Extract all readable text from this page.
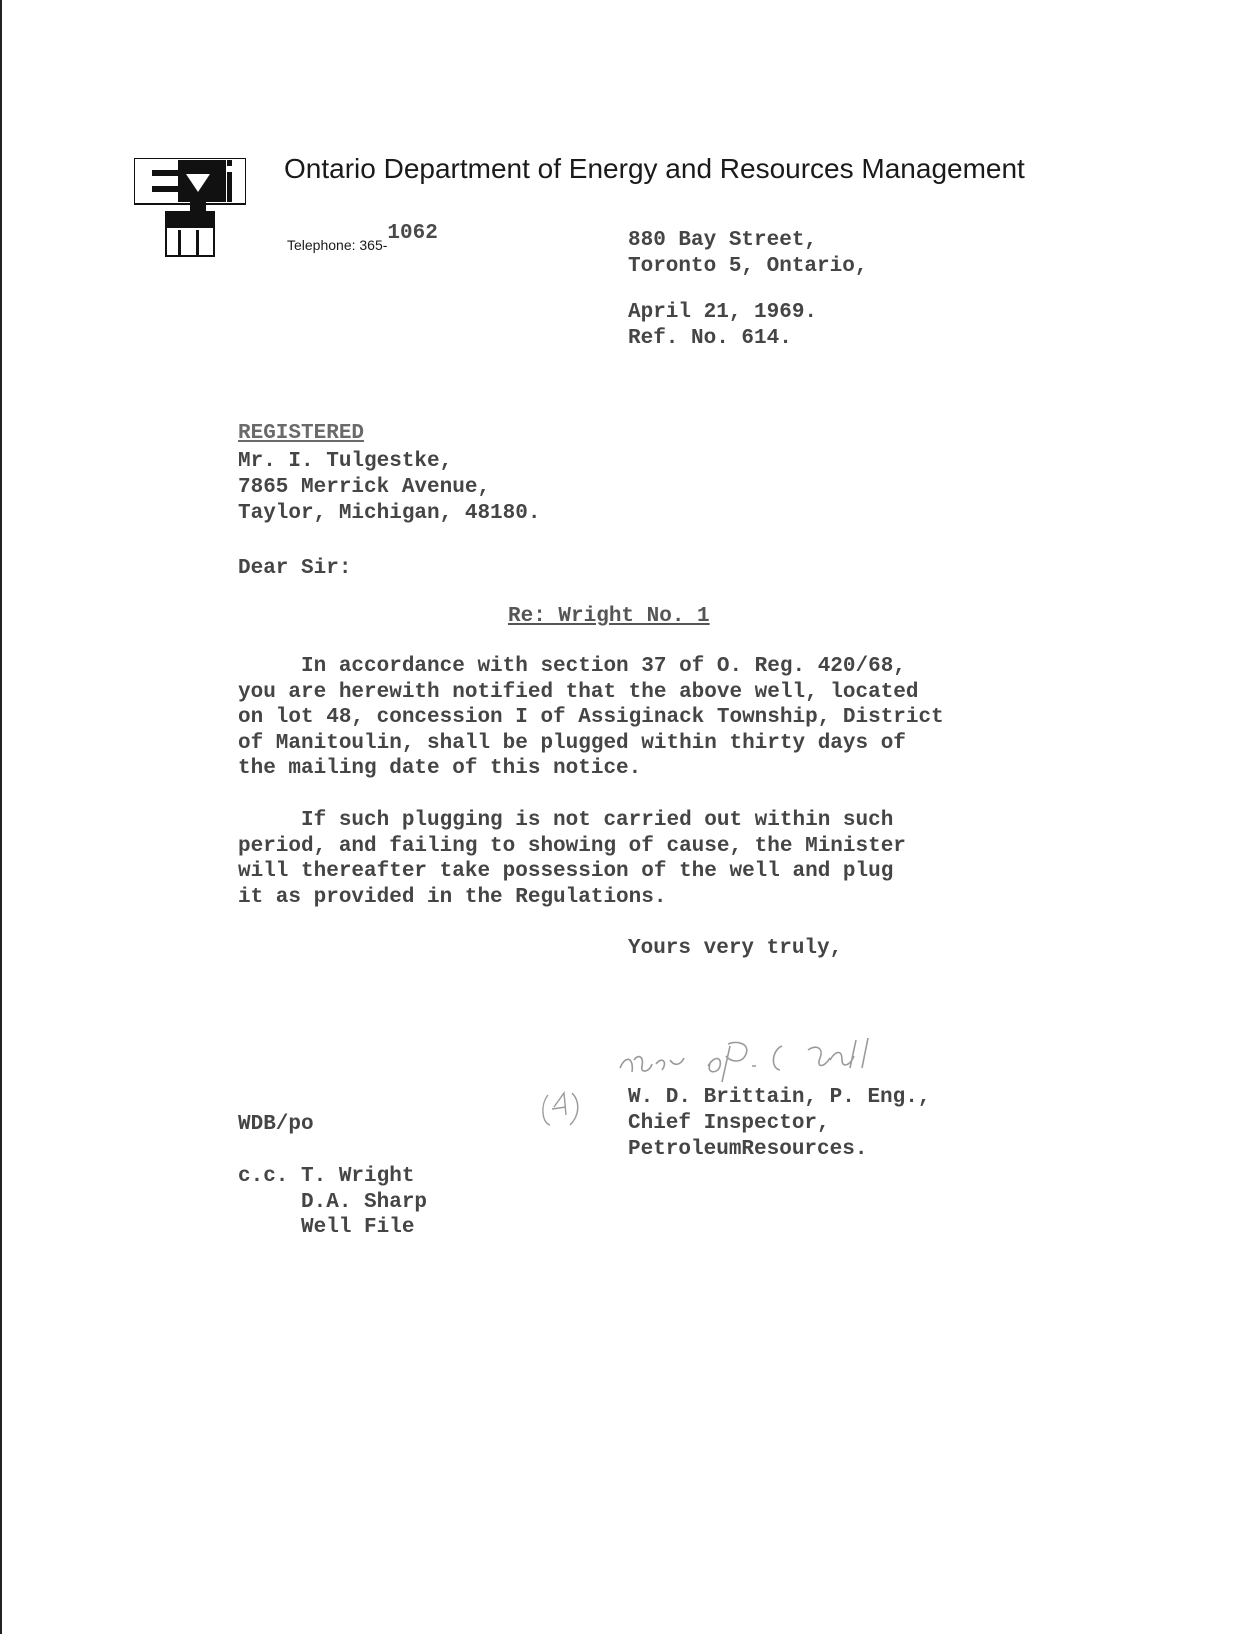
Ontario Department of Energy and Resources Management
Telephone: 365-1062	880 Bay Street,
Toronto 5, Ontario,
April 21, 1969.
Ref. No. 614.
REGISTERED
Mr. I. Tulgestke,
7865 Merrick Avenue,
Taylor, Michigan, 48180.
Dear Sir:
Re: Wright No. 1
In accordance with section 37 of O. Reg. 420/68,
you are herewith notified that the above well, located
on lot 48, concession I of Assiginack Township, District
of Manitoulin, shall be plugged within thirty days of
the mailing date of this notice.
If such plugging is not carried out within such
period, and failing to showing of cause, the Minister
will thereafter take possession of the well and plug
it as provided in the Regulations.
Yours very truly,
W. D. Brittain, P. Eng.,
Chief Inspector,
PetroleumResources.
WDB/po
c.c. T. Wright
D.A. Sharp
Well File
